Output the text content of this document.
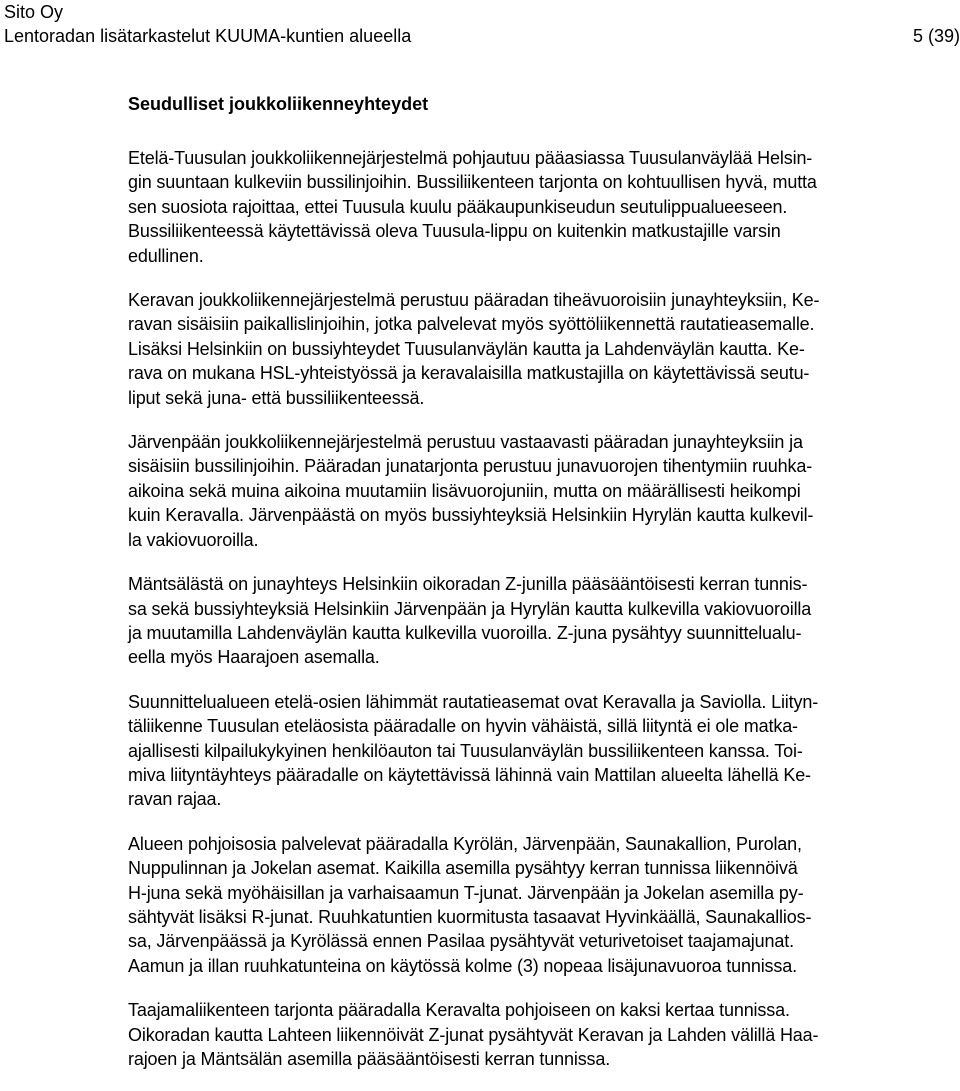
Sito Oy
Lentoradan lisätarkastelut KUUMA-kuntien alueella	5 (39)
Seudulliset joukkoliikenneyhteydet
Etelä-Tuusulan joukkoliikennejärjestelmä pohjautuu pääasiassa Tuusulanväylää Helsin-
gin suuntaan kulkeviin bussilinjoihin. Bussiliikenteen tarjonta on kohtuullisen hyvä, mutta
sen suosiota rajoittaa, ettei Tuusula kuulu pääkaupunkiseudun seutulippualueeseen.
Bussiliikenteessä käytettävissä oleva Tuusula-lippu on kuitenkin matkustajille varsin
edullinen.
Keravan joukkoliikennejärjestelmä perustuu pääradan tiheävuoroisiin junayhteyksiin, Ke-
ravan sisäisiin paikallislinjoihin, jotka palvelevat myös syöttöliikennettä rautatieasemalle.
Lisäksi Helsinkiin on bussiyhteydet Tuusulanväylän kautta ja Lahdenväylän kautta. Ke-
rava on mukana HSL-yhteistyössä ja keravalaisilla matkustajilla on käytettävissä seutu-
liput sekä juna- että bussiliikenteessä.
Järvenpään joukkoliikennejärjestelmä perustuu vastaavasti pääradan junayhteyksiin ja
sisäisiin bussilinjoihin. Pääradan junatarjonta perustuu junavuorojen tihentymiin ruuhka-
aikoina sekä muina aikoina muutamiin lisävuorojuniin, mutta on määrällisesti heikompi
kuin Keravalla. Järvenpäästä on myös bussiyhteyksiä Helsinkiin Hyrylän kautta kulkevil-
la vakiovuoroilla.
Mäntsälästä on junayhteys Helsinkiin oikoradan Z-junilla pääsääntöisesti kerran tunnis-
sa sekä bussiyhteyksiä Helsinkiin Järvenpään ja Hyrylän kautta kulkevilla vakiovuoroilla
ja muutamilla Lahdenväylän kautta kulkevilla vuoroilla. Z-juna pysähtyy suunnittelualu-
eella myös Haarajoen asemalla.
Suunnittelualueen etelä-osien lähimmät rautatieasemat ovat Keravalla ja Saviolla. Liityn-
täliikenne Tuusulan eteläosista pääradalle on hyvin vähäistä, sillä liityntä ei ole matka-
ajallisesti kilpailukykyinen henkilöauton tai Tuusulanväylän bussiliikenteen kanssa. Toi-
miva liityntäyhteys pääradalle on käytettävissä lähinnä vain Mattilan alueelta lähellä Ke-
ravan rajaa.
Alueen pohjoisosia palvelevat pääradalla Kyrölän, Järvenpään, Saunakallion, Purolan,
Nuppulinnan ja Jokelan asemat. Kaikilla asemilla pysähtyy kerran tunnissa liikennöivä
H-juna sekä myöhäisillan ja varhaisaamun T-junat. Järvenpään ja Jokelan asemilla py-
sähtyvät lisäksi R-junat. Ruuhkatuntien kuormitusta tasaavat Hyvinkäällä, Saunakallios-
sa, Järvenpäässä ja Kyrölässä ennen Pasilaa pysähtyvät veturivetoiset taajamajunat.
Aamun ja illan ruuhkatunteina on käytössä kolme (3) nopeaa lisäjunavuoroa tunnissa.
Taajamaliikenteen tarjonta pääradalla Keravalta pohjoiseen on kaksi kertaa tunnissa.
Oikoradan kautta Lahteen liikennöivät Z-junat pysähtyvät Keravan ja Lahden välillä Haa-
rajoen ja Mäntsälän asemilla pääsääntöisesti kerran tunnissa.
